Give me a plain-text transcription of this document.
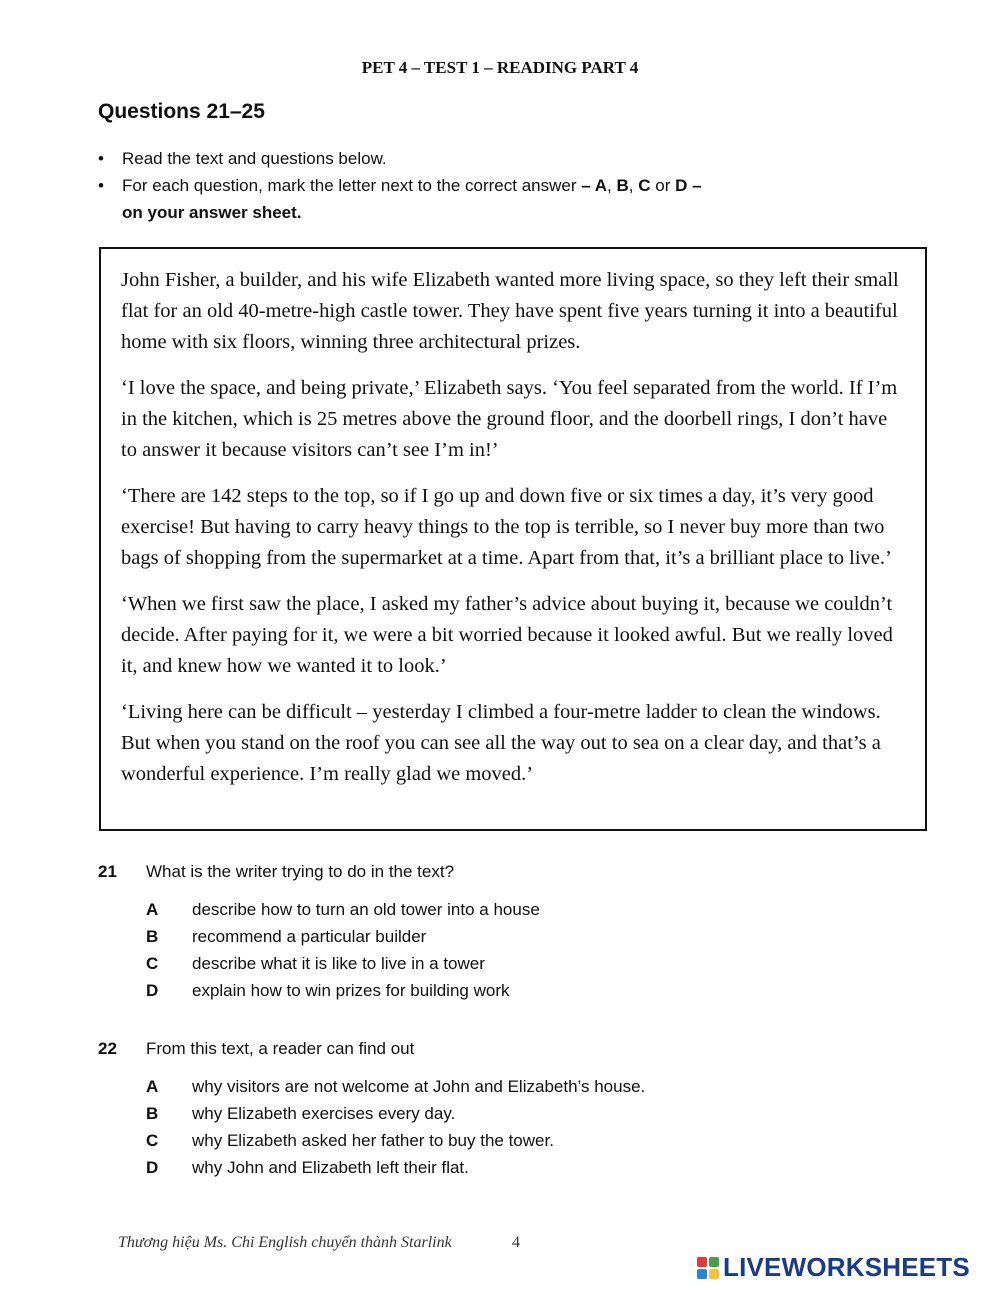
PET 4 – TEST 1 – READING PART 4
Questions 21–25
•	Read the text and questions below.
•	For each question, mark the letter next to the correct answer – A, B, C or D –
on your answer sheet.

John Fisher, a builder, and his wife Elizabeth wanted more living space, so they left their small flat for an old 40-metre-high castle tower. They have spent five years turning it into a beautiful home with six floors, winning three architectural prizes.

‘I love the space, and being private,’ Elizabeth says. ‘You feel separated from the world. If I’m in the kitchen, which is 25 metres above the ground floor, and the doorbell rings, I don’t have to answer it because visitors can’t see I’m in!’

‘There are 142 steps to the top, so if I go up and down five or six times a day, it’s very good exercise! But having to carry heavy things to the top is terrible, so I never buy more than two bags of shopping from the supermarket at a time. Apart from that, it’s a brilliant place to live.’

‘When we first saw the place, I asked my father’s advice about buying it, because we couldn’t decide. After paying for it, we were a bit worried because it looked awful. But we really loved it, and knew how we wanted it to look.’

‘Living here can be difficult – yesterday I climbed a four-metre ladder to clean the windows. But when you stand on the roof you can see all the way out to sea on a clear day, and that’s a wonderful experience. I’m really glad we moved.’

21	What is the writer trying to do in the text?
A	describe how to turn an old tower into a house
B	recommend a particular builder
C	describe what it is like to live in a tower
D	explain how to win prizes for building work
22	From this text, a reader can find out
A	why visitors are not welcome at John and Elizabeth’s house.
B	why Elizabeth exercises every day.
C	why Elizabeth asked her father to buy the tower.
D	why John and Elizabeth left their flat.
Thương hiệu Ms. Chi English chuyển thành Starlink	4
LIVEWORKSHEETS
